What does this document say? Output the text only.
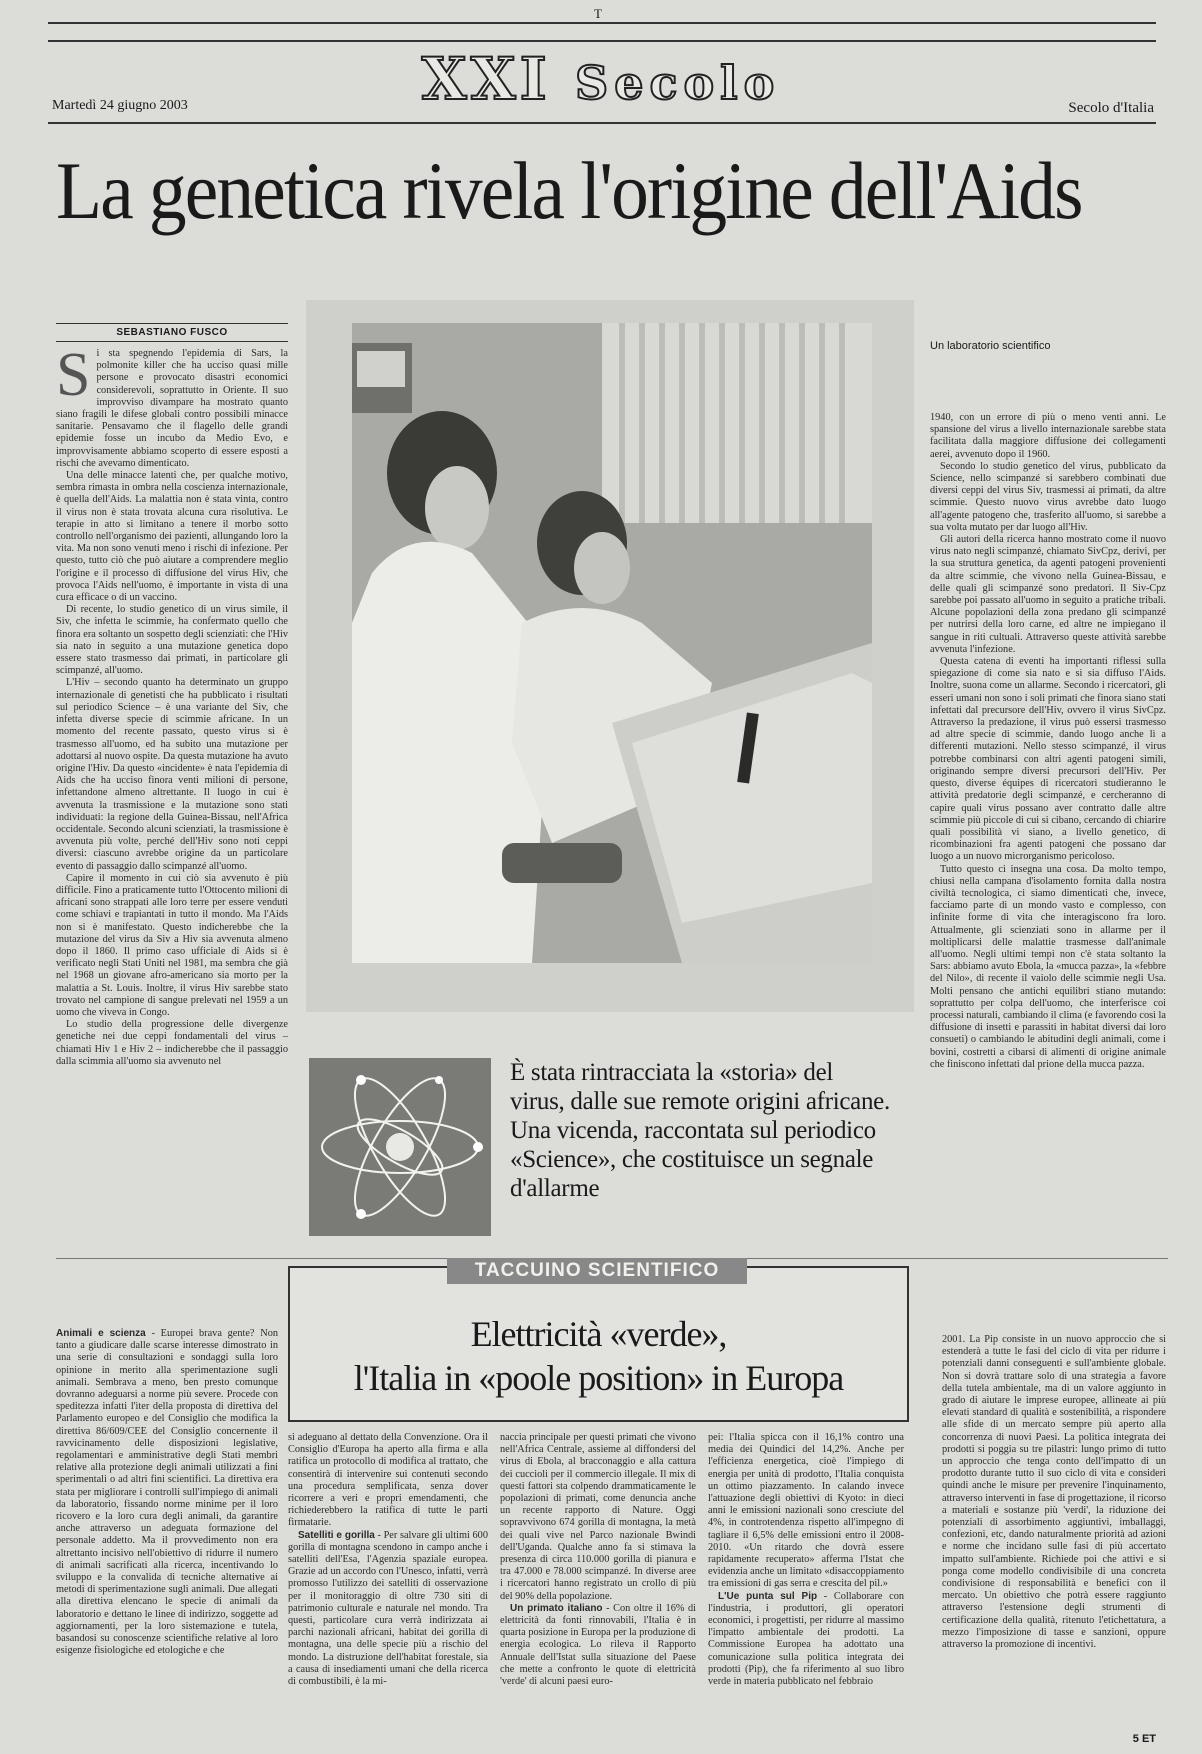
T
XXI Secolo
Martedì 24 giugno 2003	Secolo d'Italia
La genetica rivela l'origine dell'Aids
SEBASTIANO FUSCO
S i sta spegnendo l'epidemia di Sars, la polmonite killer che ha ucciso quasi mille persone e provocato disastri economici considerevoli, soprattutto in Oriente. Il suo improvviso divampare ha mostrato quanto siano fragili le difese globali contro possibili minacce sanitarie. Pensavamo che il flagello delle grandi epidemie fosse un incubo da Medio Evo, e improvvisamente abbiamo scoperto di essere esposti a rischi che avevamo dimenticato.

Una delle minacce latenti che, per qualche motivo, sembra rimasta in ombra nella coscienza internazionale, è quella dell'Aids. La malattia non è stata vinta, contro il virus non è stata trovata alcuna cura risolutiva. Le terapie in atto si limitano a tenere il morbo sotto controllo nell'organismo dei pazienti, allungando loro la vita. Ma non sono venuti meno i rischi di infezione. Per questo, tutto ciò che può aiutare a comprendere meglio l'origine e il processo di diffusione del virus Hiv, che provoca l'Aids nell'uomo, è importante in vista di una cura efficace o di un vaccino.

Di recente, lo studio genetico di un virus simile, il Siv, che infetta le scimmie, ha confermato quello che finora era soltanto un sospetto degli scienziati: che l'Hiv sia nato in seguito a una mutazione genetica dopo essere stato trasmesso dai primati, in particolare gli scimpanzé, all'uomo.

L'Hiv – secondo quanto ha determinato un gruppo internazionale di genetisti che ha pubblicato i risultati sul periodico Science – è una variante del Siv, che infetta diverse specie di scimmie africane. In un momento del recente passato, questo virus si è trasmesso all'uomo, ed ha subito una mutazione per adottarsi al nuovo ospite. Da questa mutazione ha avuto origine l'Hiv. Da questo «incidente» è nata l'epidemia di Aids che ha ucciso finora venti milioni di persone, infettandone almeno altrettante. Il luogo in cui è avvenuta la trasmissione e la mutazione sono stati individuati: la regione della Guinea-Bissau, nell'Africa occidentale. Secondo alcuni scienziati, la trasmissione è avvenuta più volte, perché dell'Hiv sono noti ceppi diversi: ciascuno avrebbe origine da un particolare evento di passaggio dallo scimpanzé all'uomo.

Capire il momento in cui ciò sia avvenuto è più difficile. Fino a praticamente tutto l'Ottocento milioni di africani sono strappati alle loro terre per essere venduti come schiavi e trapiantati in tutto il mondo. Ma l'Aids non si è manifestato. Questo indicherebbe che la mutazione del virus da Siv a Hiv sia avvenuta almeno dopo il 1860. Il primo caso ufficiale di Aids si è verificato negli Stati Uniti nel 1981, ma sembra che già nel 1968 un giovane afro-americano sia morto per la malattia a St. Louis. Inoltre, il virus Hiv sarebbe stato trovato nel campione di sangue prelevati nel 1959 a un uomo che viveva in Congo.

Lo studio della progressione delle divergenze genetiche nei due ceppi fondamentali del virus – chiamati Hiv 1 e Hiv 2 – indicherebbe che il passaggio dalla scimmia all'uomo sia avvenuto nel

Un laboratorio scientifico

1940, con un errore di più o meno venti anni. Le spansione del virus a livello internazionale sarebbe stata facilitata dalla maggiore diffusione dei collegamenti aerei, avvenuto dopo il 1960.

Secondo lo studio genetico del virus, pubblicato da Science, nello scimpanzé si sarebbero combinati due diversi ceppi del virus Siv, trasmessi ai primati, da altre scimmie. Questo nuovo virus avrebbe dato luogo all'agente patogeno che, trasferito all'uomo, si sarebbe a sua volta mutato per dar luogo all'Hiv.

Gli autori della ricerca hanno mostrato come il nuovo virus nato negli scimpanzé, chiamato SivCpz, derivi, per la sua struttura genetica, da agenti patogeni provenienti da altre scimmie, che vivono nella Guinea-Bissau, e delle quali gli scimpanzé sono predatori. Il Siv-Cpz sarebbe poi passato all'uomo in seguito a pratiche tribali. Alcune popolazioni della zona predano gli scimpanzé per nutrirsi della loro carne, ed altre ne impiegano il sangue in riti cultuali. Attraverso queste attività sarebbe avvenuta l'infezione.

Questa catena di eventi ha importanti riflessi sulla spiegazione di come sia nato e si sia diffuso l'Aids. Inoltre, suona come un allarme. Secondo i ricercatori, gli esseri umani non sono i soli primati che finora siano stati infettati dal precursore dell'Hiv, ovvero il virus SivCpz. Attraverso la predazione, il virus può essersi trasmesso ad altre specie di scimmie, dando luogo anche lì a differenti mutazioni. Nello stesso scimpanzé, il virus potrebbe combinarsi con altri agenti patogeni simili, originando sempre diversi precursori dell'Hiv. Per questo, diverse équipes di ricercatori studieranno le attività predatorie degli scimpanzé, e cercheranno di capire quali virus possano aver contratto dalle altre scimmie più piccole di cui si cibano, cercando di chiarire quali possibilità vi siano, a livello genetico, di ricombinazioni fra agenti patogeni che possano dar luogo a un nuovo microrganismo pericoloso.

Tutto questo ci insegna una cosa. Da molto tempo, chiusi nella campana d'isolamento fornita dalla nostra civiltà tecnologica, ci siamo dimenticati che, invece, facciamo parte di un mondo vasto e complesso, con infinite forme di vita che interagiscono fra loro. Attualmente, gli scienziati sono in allarme per il moltiplicarsi delle malattie trasmesse dall'animale all'uomo. Negli ultimi tempi non c'è stata soltanto la Sars: abbiamo avuto Ebola, la «mucca pazza», la «febbre del Nilo», di recente il vaiolo delle scimmie negli Usa. Molti pensano che antichi equilibri stiano mutando: soprattutto per colpa dell'uomo, che interferisce coi processi naturali, cambiando il clima (e favorendo così la diffusione di insetti e parassiti in habitat diversi dai loro consueti) o cambiando le abitudini degli animali, come i bovini, costretti a cibarsi di alimenti di origine animale che finiscono infettati dal prione della mucca pazza.

È stata rintracciata la «storia» del virus, dalle sue remote origini africane. Una vicenda, raccontata sul periodico «Science», che costituisce un segnale d'allarme
TACCUINO SCIENTIFICO
Elettricità «verde»,
l'Italia in «poole position» in Europa

Animali e scienza - Europei brava gente? Non tanto a giudicare dalle scarse interesse dimostrato in una serie di consultazioni e sondaggi sulla loro opinione in merito alla sperimentazione sugli animali. Sembrava a meno, ben presto comunque dovranno adeguarsi a norme più severe. Procede con speditezza infatti l'iter della proposta di direttiva del Parlamento europeo e del Consiglio che modifica la direttiva 86/609/CEE del Consiglio concernente il ravvicinamento delle disposizioni legislative, regolamentari e amministrative degli Stati membri relative alla protezione degli animali utilizzati a fini sperimentali o ad altri fini scientifici. La direttiva era stata per migliorare i controlli sull'impiego di animali da laboratorio, fissando norme minime per il loro ricovero e la loro cura degli animali, da garantire anche attraverso un adeguata formazione del personale addetto. Ma il provvedimento non era altrettanto incisivo nell'obiettivo di ridurre il numero di animali sacrificati alla ricerca, incentivando lo sviluppo e la convalida di tecniche alternative ai metodi di sperimentazione sugli animali. Due allegati alla direttiva elencano le specie di animali da laboratorio e dettano le linee di indirizzo, soggette ad aggiornamenti, per la loro sistemazione e tutela, basandosi su conoscenze scientifiche relative al loro esigenze fisiologiche ed etologiche e che

si adeguano al dettato della Convenzione. Ora il Consiglio d'Europa ha aperto alla firma e alla ratifica un protocollo di modifica al trattato, che consentirà di intervenire sui contenuti secondo una procedura semplificata, senza dover ricorrere a veri e propri emendamenti, che richiederebbero la ratifica di tutte le parti firmatarie.

Satelliti e gorilla - Per salvare gli ultimi 600 gorilla di montagna scendono in campo anche i satelliti dell'Esa, l'Agenzia spaziale europea. Grazie ad un accordo con l'Unesco, infatti, verrà promosso l'utilizzo dei satelliti di osservazione per il monitoraggio di oltre 730 siti di patrimonio culturale e naturale nel mondo. Tra questi, particolare cura verrà indirizzata ai parchi nazionali africani, habitat dei gorilla di montagna, una delle specie più a rischio del mondo. La distruzione dell'habitat forestale, sia a causa di insediamenti umani che della ricerca di combustibili, è la mi-

naccia principale per questi primati che vivono nell'Africa Centrale, assieme al diffondersi del virus di Ebola, al bracconaggio e alla cattura dei cuccioli per il commercio illegale. Il mix di questi fattori sta colpendo drammaticamente le popolazioni di primati, come denuncia anche un recente rapporto di Nature. Oggi sopravvivono 674 gorilla di montagna, la metà dei quali vive nel Parco nazionale Bwindi dell'Uganda. Qualche anno fa si stimava la presenza di circa 110.000 gorilla di pianura e tra 47.000 e 78.000 scimpanzé. In diverse aree i ricercatori hanno registrato un crollo di più del 90% della popolazione.

Un primato italiano - Con oltre il 16% di elettricità da fonti rinnovabili, l'Italia è in quarta posizione in Europa per la produzione di energia ecologica. Lo rileva il Rapporto Annuale dell'Istat sulla situazione del Paese che mette a confronto le quote di elettricità 'verde' di alcuni paesi euro-

pei: l'Italia spicca con il 16,1% contro una media dei Quindici del 14,2%. Anche per l'efficienza energetica, cioè l'impiego di energia per unità di prodotto, l'Italia conquista un ottimo piazzamento. In calando invece l'attuazione degli obiettivi di Kyoto: in dieci anni le emissioni nazionali sono cresciute del 4%, in controtendenza rispetto all'impegno di tagliare il 6,5% delle emissioni entro il 2008-2010. «Un ritardo che dovrà essere rapidamente recuperato» afferma l'Istat che evidenzia anche un limitato «disaccoppiamento tra emissioni di gas serra e crescita del pil.»

L'Ue punta sul Pip - Collaborare con l'industria, i produttori, gli operatori economici, i progettisti, per ridurre al massimo l'impatto ambientale dei prodotti. La Commissione Europea ha adottato una comunicazione sulla politica integrata dei prodotti (Pip), che fa riferimento al suo libro verde in materia pubblicato nel febbraio

2001. La Pip consiste in un nuovo approccio che si estenderà a tutte le fasi del ciclo di vita per ridurre i potenziali danni conseguenti e sull'ambiente globale. Non si dovrà trattare solo di una strategia a favore della tutela ambientale, ma di un valore aggiunto in grado di aiutare le imprese europee, allineate ai più elevati standard di qualità e sostenibilità, a rispondere alle sfide di un mercato sempre più aperto alla concorrenza di nuovi Paesi. La politica integrata dei prodotti si poggia su tre pilastri: lungo primo di tutto un approccio che tenga conto dell'impatto di un prodotto durante tutto il suo ciclo di vita e consideri quindi anche le misure per prevenire l'inquinamento, attraverso interventi in fase di progettazione, il ricorso a materiali e sostanze più 'verdi', la riduzione dei potenziali di assorbimento aggiuntivi, imballaggi, confezioni, etc, dando naturalmente priorità ad azioni e norme che incidano sulle fasi di più accertato impatto sull'ambiente. Richiede poi che attivi e si ponga come modello condivisibile di una concreta condivisione di responsabilità e benefici con il mercato. Un obiettivo che potrà essere raggiunto attraverso l'estensione degli strumenti di certificazione della qualità, ritenuto l'etichettatura, a mezzo l'imposizione di tasse e sanzioni, oppure attraverso la promozione di incentivi.

5 ET
